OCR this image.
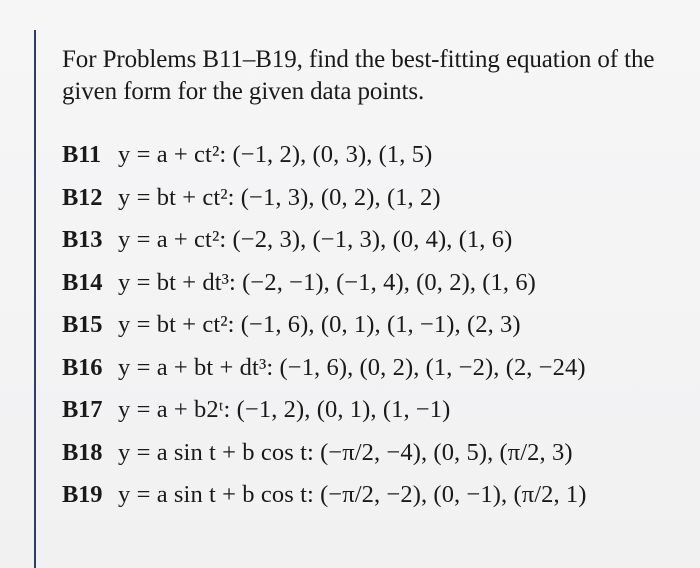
For Problems B11–B19, find the best-fitting equation of the
given form for the given data points.
B11 y = a + ct²: (−1, 2), (0, 3), (1, 5)
B12 y = bt + ct²: (−1, 3), (0, 2), (1, 2)
B13 y = a + ct²: (−2, 3), (−1, 3), (0, 4), (1, 6)
B14 y = bt + dt³: (−2, −1), (−1, 4), (0, 2), (1, 6)
B15 y = bt + ct²: (−1, 6), (0, 1), (1, −1), (2, 3)
B16 y = a + bt + dt³: (−1, 6), (0, 2), (1, −2), (2, −24)
B17 y = a + b2ᵗ: (−1, 2), (0, 1), (1, −1)
B18 y = a sin t + b cos t: (−π/2, −4), (0, 5), (π/2, 3)
B19 y = a sin t + b cos t: (−π/2, −2), (0, −1), (π/2, 1)
